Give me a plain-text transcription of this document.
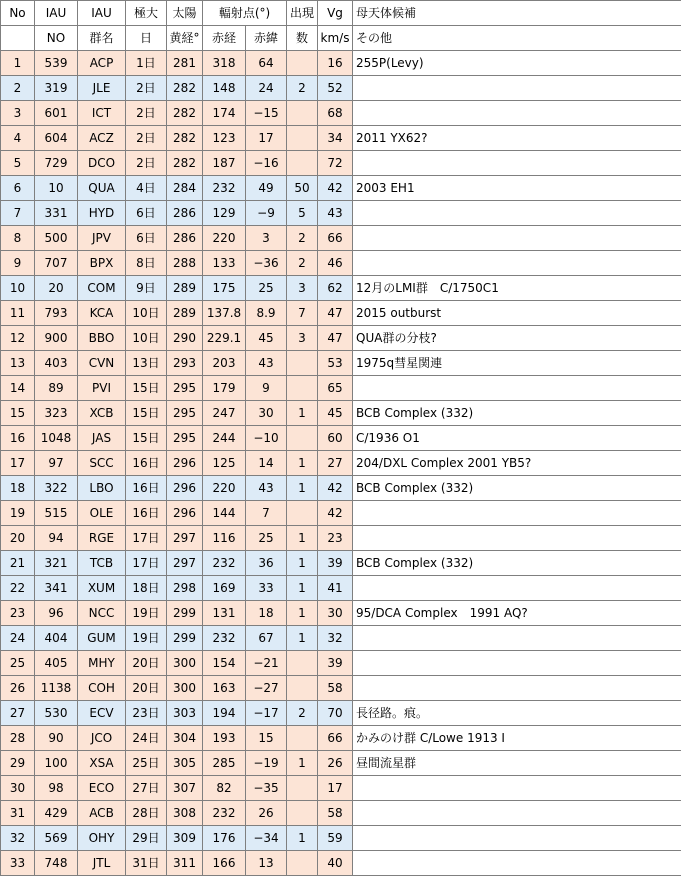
No	IAU	IAU	極大	太陽	輻射点(°)		出現	Vg	母天体候補
	NO	群名	日	黄経°	赤経	赤緯	数	km/s	その他
1	539	ACP	1日	281	318	64		16	255P(Levy)
2	319	JLE	2日	282	148	24	2	52	
3	601	ICT	2日	282	174	−15		68	
4	604	ACZ	2日	282	123	17		34	2011 YX62?
5	729	DCO	2日	282	187	−16		72	
6	10	QUA	4日	284	232	49	50	42	2003 EH1
7	331	HYD	6日	286	129	−9	5	43	
8	500	JPV	6日	286	220	3	2	66	
9	707	BPX	8日	288	133	−36	2	46	
10	20	COM	9日	289	175	25	3	62	12月のLMI群　C/1750C1
11	793	KCA	10日	289	137.8	8.9	7	47	2015 outburst
12	900	BBO	10日	290	229.1	45	3	47	QUA群の分枝?
13	403	CVN	13日	293	203	43		53	1975q彗星関連
14	89	PVI	15日	295	179	9		65	
15	323	XCB	15日	295	247	30	1	45	BCB Complex (332)
16	1048	JAS	15日	295	244	−10		60	C/1936 O1
17	97	SCC	16日	296	125	14	1	27	204/DXL Complex 2001 YB5?
18	322	LBO	16日	296	220	43	1	42	BCB Complex (332)
19	515	OLE	16日	296	144	7		42	
20	94	RGE	17日	297	116	25	1	23	
21	321	TCB	17日	297	232	36	1	39	BCB Complex (332)
22	341	XUM	18日	298	169	33	1	41	
23	96	NCC	19日	299	131	18	1	30	95/DCA Complex　1991 AQ?
24	404	GUM	19日	299	232	67	1	32	
25	405	MHY	20日	300	154	−21		39	
26	1138	COH	20日	300	163	−27		58	
27	530	ECV	23日	303	194	−17	2	70	長径路。痕。
28	90	JCO	24日	304	193	15		66	かみのけ群 C/Lowe 1913 I
29	100	XSA	25日	305	285	−19	1	26	昼間流星群
30	98	ECO	27日	307	82	−35		17	
31	429	ACB	28日	308	232	26		58	
32	569	OHY	29日	309	176	−34	1	59	
33	748	JTL	31日	311	166	13		40	
